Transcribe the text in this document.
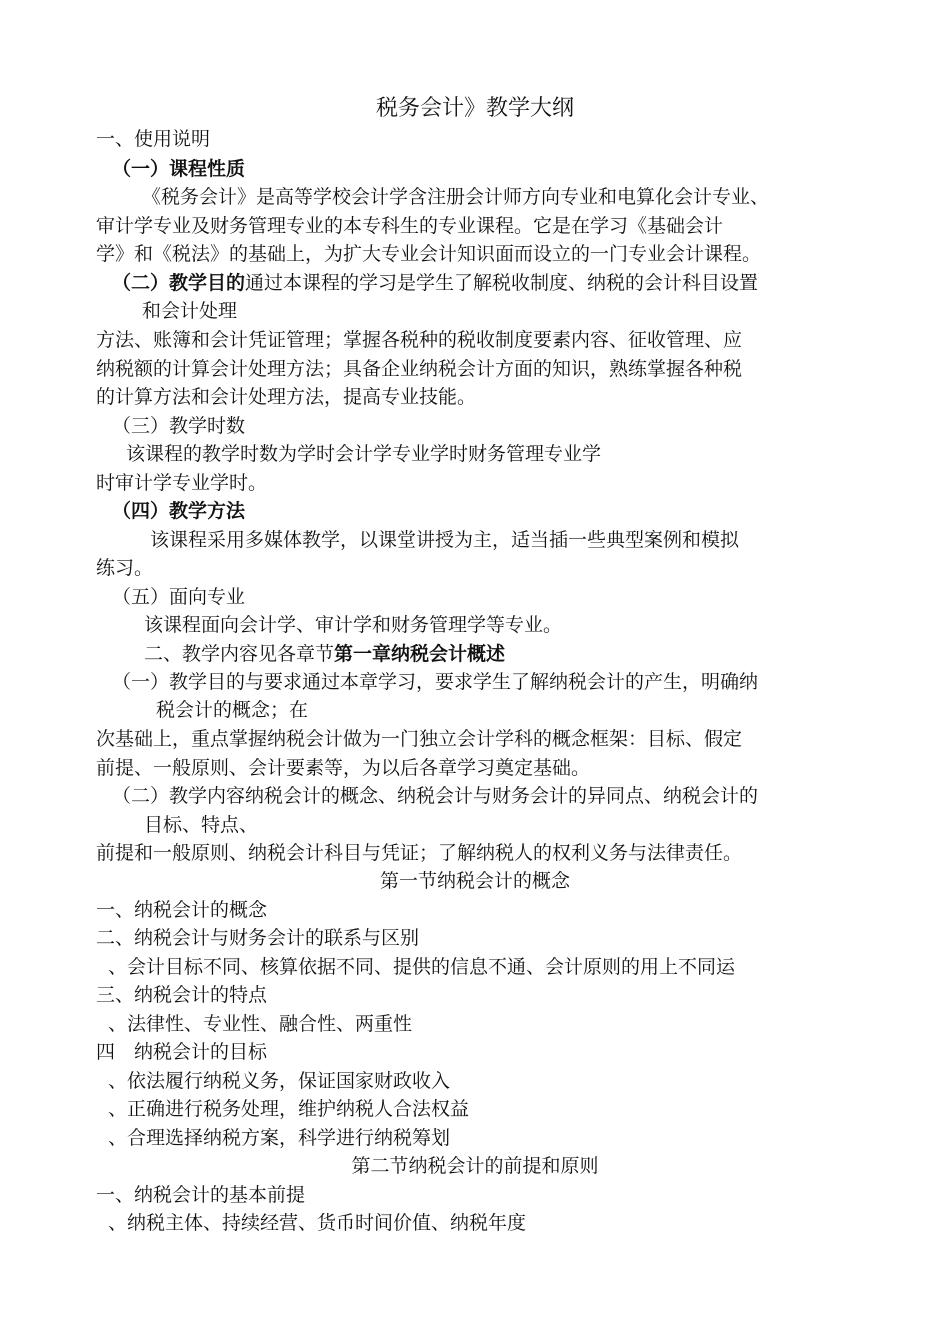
税务会计》教学大纲
一、使用说明
（一）课程性质
《税务会计》是高等学校会计学含注册会计师方向专业和电算化会计专业、
审计学专业及财务管理专业的本专科生的专业课程。它是在学习《基础会计
学》和《税法》的基础上，为扩大专业会计知识面而设立的一门专业会计课程。
（二）教学目的通过本课程的学习是学生了解税收制度、纳税的会计科目设置
和会计处理
方法、账簿和会计凭证管理；掌握各税种的税收制度要素内容、征收管理、应
纳税额的计算会计处理方法；具备企业纳税会计方面的知识，熟练掌握各种税
的计算方法和会计处理方法，提高专业技能。
（三）教学时数
该课程的教学时数为学时会计学专业学时财务管理专业学
时审计学专业学时。
（四）教学方法
该课程采用多媒体教学，以课堂讲授为主，适当插一些典型案例和模拟
练习。
（五）面向专业
该课程面向会计学、审计学和财务管理学等专业。
二、教学内容见各章节第一章纳税会计概述
（一）教学目的与要求通过本章学习，要求学生了解纳税会计的产生，明确纳
税会计的概念；在
次基础上，重点掌握纳税会计做为一门独立会计学科的概念框架：目标、假定
前提、一般原则、会计要素等，为以后各章学习奠定基础。
（二）教学内容纳税会计的概念、纳税会计与财务会计的异同点、纳税会计的
目标、特点、
前提和一般原则、纳税会计科目与凭证；了解纳税人的权利义务与法律责任。
第一节纳税会计的概念
一、纳税会计的概念
二、纳税会计与财务会计的联系与区别
、会计目标不同、核算依据不同、提供的信息不通、会计原则的用上不同运
三、纳税会计的特点
、法律性、专业性、融合性、两重性
四　纳税会计的目标
、依法履行纳税义务，保证国家财政收入
、正确进行税务处理，维护纳税人合法权益
、合理选择纳税方案，科学进行纳税筹划
第二节纳税会计的前提和原则
一、纳税会计的基本前提
、纳税主体、持续经营、货币时间价值、纳税年度
